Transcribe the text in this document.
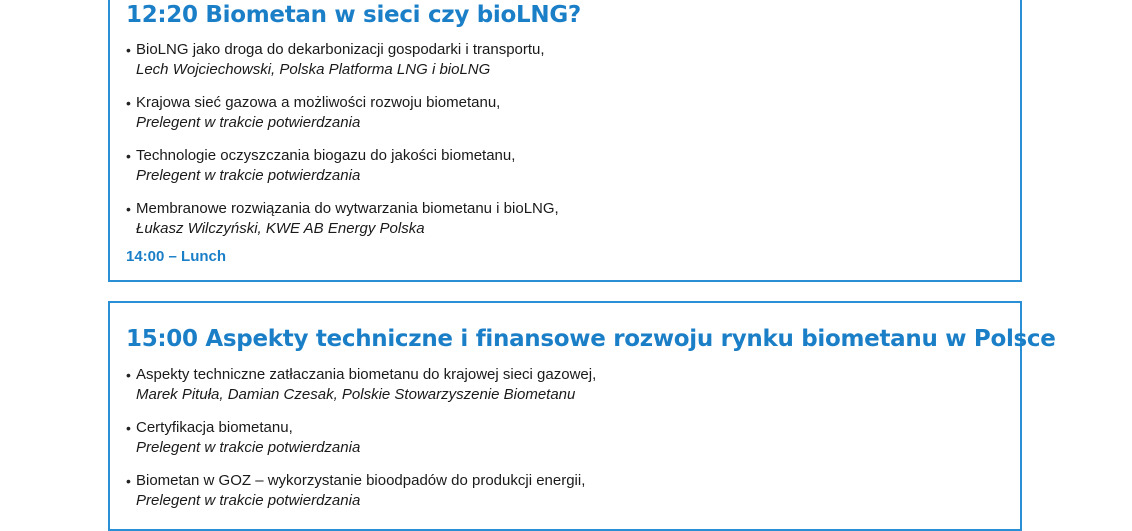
12:20 Biometan w sieci czy bioLNG?
• BioLNG jako droga do dekarbonizacji gospodarki i transportu,
Lech Wojciechowski, Polska Platforma LNG i bioLNG
• Krajowa sieć gazowa a możliwości rozwoju biometanu,
Prelegent w trakcie potwierdzania
• Technologie oczyszczania biogazu do jakości biometanu,
Prelegent w trakcie potwierdzania
• Membranowe rozwiązania do wytwarzania biometanu i bioLNG,
Łukasz Wilczyński, KWE AB Energy Polska
14:00 – Lunch
15:00 Aspekty techniczne i finansowe rozwoju rynku biometanu w Polsce
• Aspekty techniczne zatłaczania biometanu do krajowej sieci gazowej,
Marek Pituła, Damian Czesak, Polskie Stowarzyszenie Biometanu
• Certyfikacja biometanu,
Prelegent w trakcie potwierdzania
• Biometan w GOZ – wykorzystanie bioodpadów do produkcji energii,
Prelegent w trakcie potwierdzania
